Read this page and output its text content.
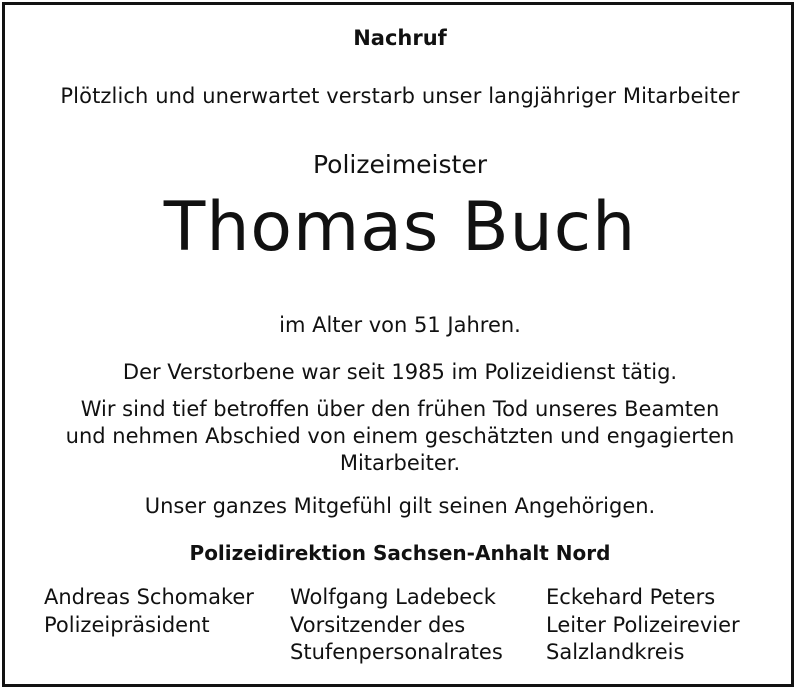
Nachruf
Plötzlich und unerwartet verstarb unser langjähriger Mitarbeiter
Polizeimeister
Thomas Buch
im Alter von 51 Jahren.
Der Verstorbene war seit 1985 im Polizeidienst tätig.
Wir sind tief betroffen über den frühen Tod unseres Beamten
und nehmen Abschied von einem geschätzten und engagierten
Mitarbeiter.
Unser ganzes Mitgefühl gilt seinen Angehörigen.
Polizeidirektion Sachsen-Anhalt Nord
Andreas Schomaker
Polizeipräsident
Wolfgang Ladebeck
Vorsitzender des
Stufenpersonalrates
Eckehard Peters
Leiter Polizeirevier
Salzlandkreis
